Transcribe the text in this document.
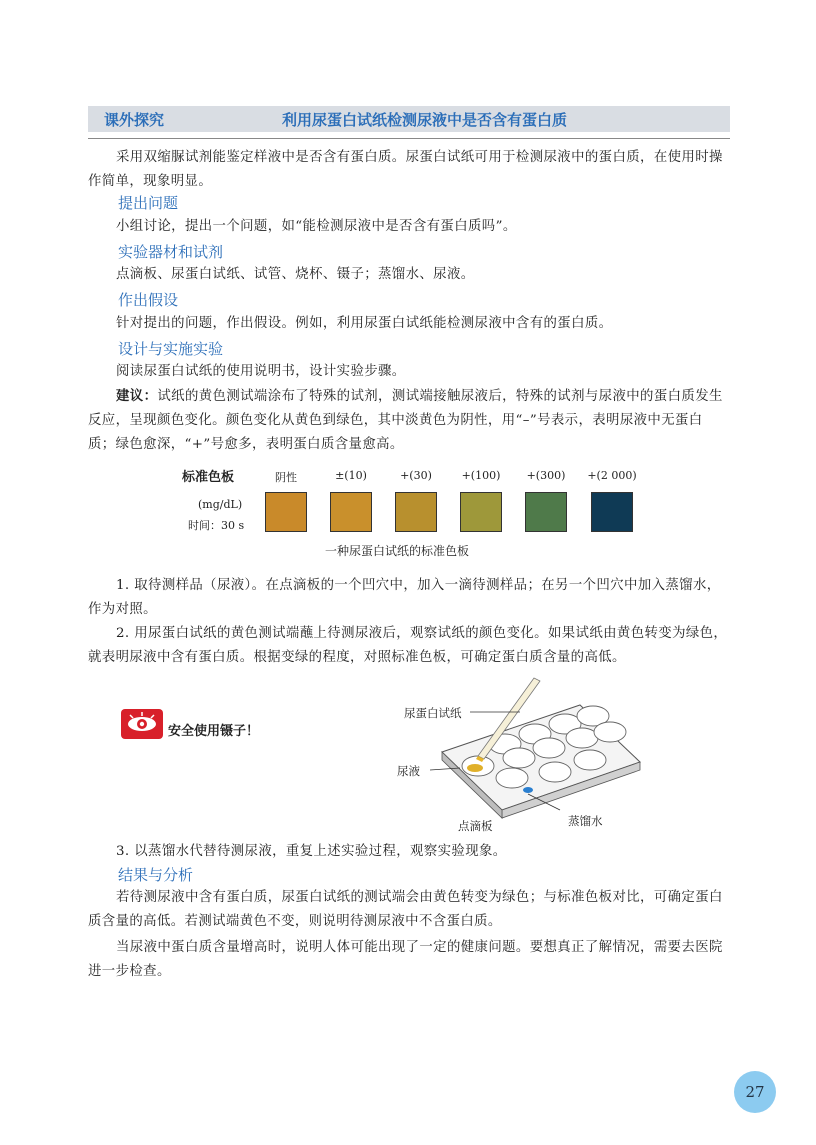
课外探究	利用尿蛋白试纸检测尿液中是否含有蛋白质
采用双缩脲试剂能鉴定样液中是否含有蛋白质。尿蛋白试纸可用于检测尿液中的蛋白质，在使用时操作简单，现象明显。
提出问题
小组讨论，提出一个问题，如“能检测尿液中是否含有蛋白质吗”。
实验器材和试剂
点滴板、尿蛋白试纸、试管、烧杯、镊子；蒸馏水、尿液。
作出假设
针对提出的问题，作出假设。例如，利用尿蛋白试纸能检测尿液中含有的蛋白质。
设计与实施实验
阅读尿蛋白试纸的使用说明书，设计实验步骤。
建议：试纸的黄色测试端涂布了特殊的试剂，测试端接触尿液后，特殊的试剂与尿液中的蛋白质发生反应，呈现颜色变化。颜色变化从黄色到绿色，其中淡黄色为阴性，用“–”号表示，表明尿液中无蛋白质；绿色愈深，“+”号愈多，表明蛋白质含量愈高。
标准色板
(mg/dL)
时间：30 s
阴性	±(10)	+(30)	+(100)	+(300)	+(2 000)
一种尿蛋白试纸的标准色板
1. 取待测样品（尿液）。在点滴板的一个凹穴中，加入一滴待测样品；在另一个凹穴中加入蒸馏水，作为对照。
2. 用尿蛋白试纸的黄色测试端蘸上待测尿液后，观察试纸的颜色变化。如果试纸由黄色转变为绿色，就表明尿液中含有蛋白质。根据变绿的程度，对照标准色板，可确定蛋白质含量的高低。
安全使用镊子！
尿蛋白试纸
尿液
点滴板	蒸馏水
3. 以蒸馏水代替待测尿液，重复上述实验过程，观察实验现象。
结果与分析
若待测尿液中含有蛋白质，尿蛋白试纸的测试端会由黄色转变为绿色；与标准色板对比，可确定蛋白质含量的高低。若测试端黄色不变，则说明待测尿液中不含蛋白质。
当尿液中蛋白质含量增高时，说明人体可能出现了一定的健康问题。要想真正了解情况，需要去医院进一步检查。
27
